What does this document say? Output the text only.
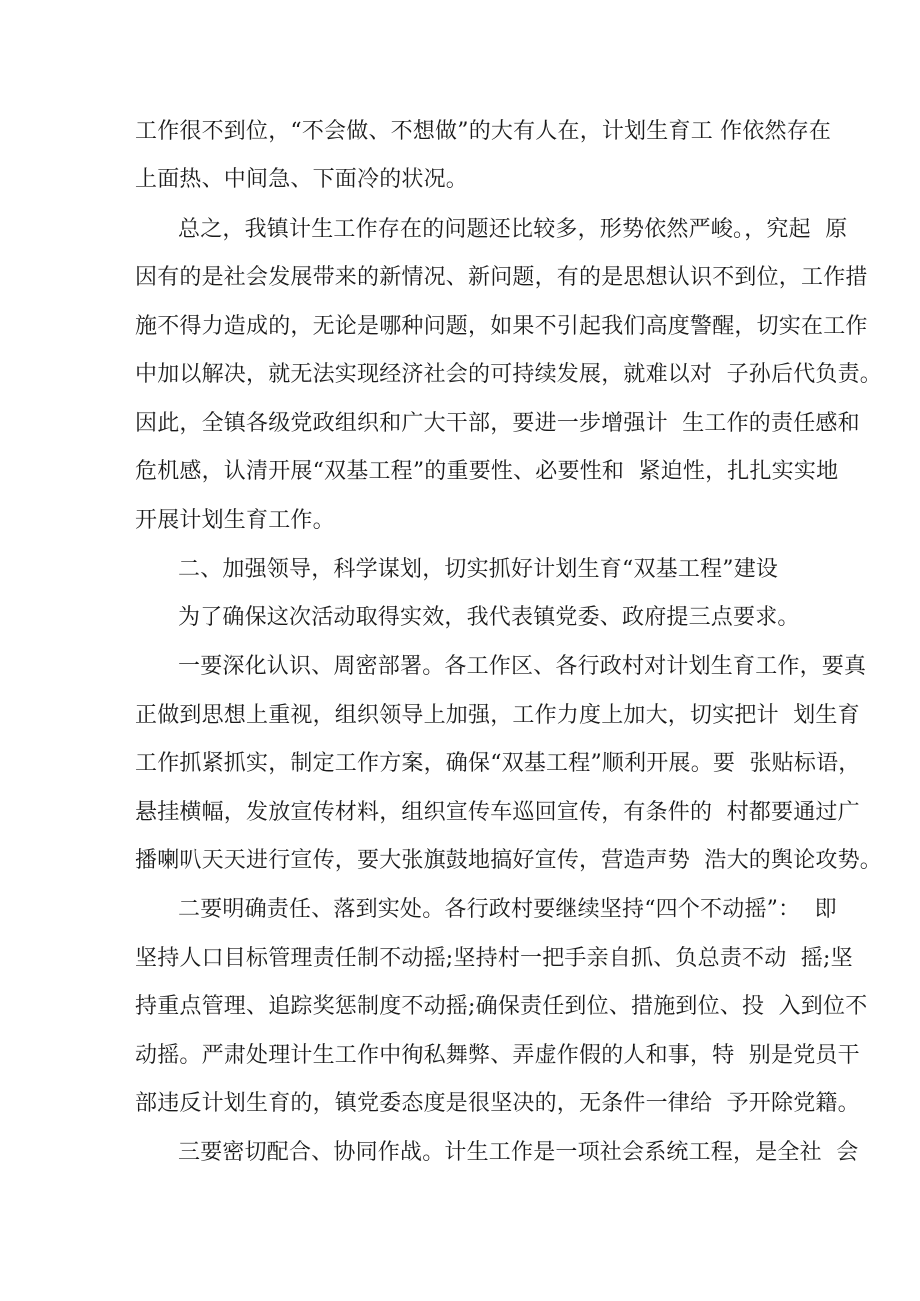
工作很不到位，“不会做、不想做”的大有人在，计划生育工 作依然存在
上面热、中间急、下面冷的状况。
总之，我镇计生工作存在的问题还比较多，形势依然严峻。，究起  原
因有的是社会发展带来的新情况、新问题，有的是思想认识不到位，工作措
施不得力造成的，无论是哪种问题，如果不引起我们高度警醒，切实在工作
中加以解决，就无法实现经济社会的可持续发展，就难以对  子孙后代负责。
因此，全镇各级党政组织和广大干部，要进一步增强计  生工作的责任感和
危机感，认清开展“双基工程”的重要性、必要性和  紧迫性，扎扎实实地
开展计划生育工作。
二、加强领导，科学谋划，切实抓好计划生育“双基工程”建设
为了确保这次活动取得实效，我代表镇党委、政府提三点要求。
一要深化认识、周密部署。各工作区、各行政村对计划生育工作，要真
正做到思想上重视，组织领导上加强，工作力度上加大，切实把计  划生育
工作抓紧抓实，制定工作方案，确保“双基工程”顺利开展。要  张贴标语，
悬挂横幅，发放宣传材料，组织宣传车巡回宣传，有条件的  村都要通过广
播喇叭天天进行宣传，要大张旗鼓地搞好宣传，营造声势  浩大的舆论攻势。
二要明确责任、落到实处。各行政村要继续坚持“四个不动摇”：  即
坚持人口目标管理责任制不动摇;坚持村一把手亲自抓、负总责不动  摇;坚
持重点管理、追踪奖惩制度不动摇;确保责任到位、措施到位、投  入到位不
动摇。严肃处理计生工作中徇私舞弊、弄虚作假的人和事，特  别是党员干
部违反计划生育的，镇党委态度是很坚决的，无条件一律给  予开除党籍。
三要密切配合、协同作战。计生工作是一项社会系统工程，是全社  会
